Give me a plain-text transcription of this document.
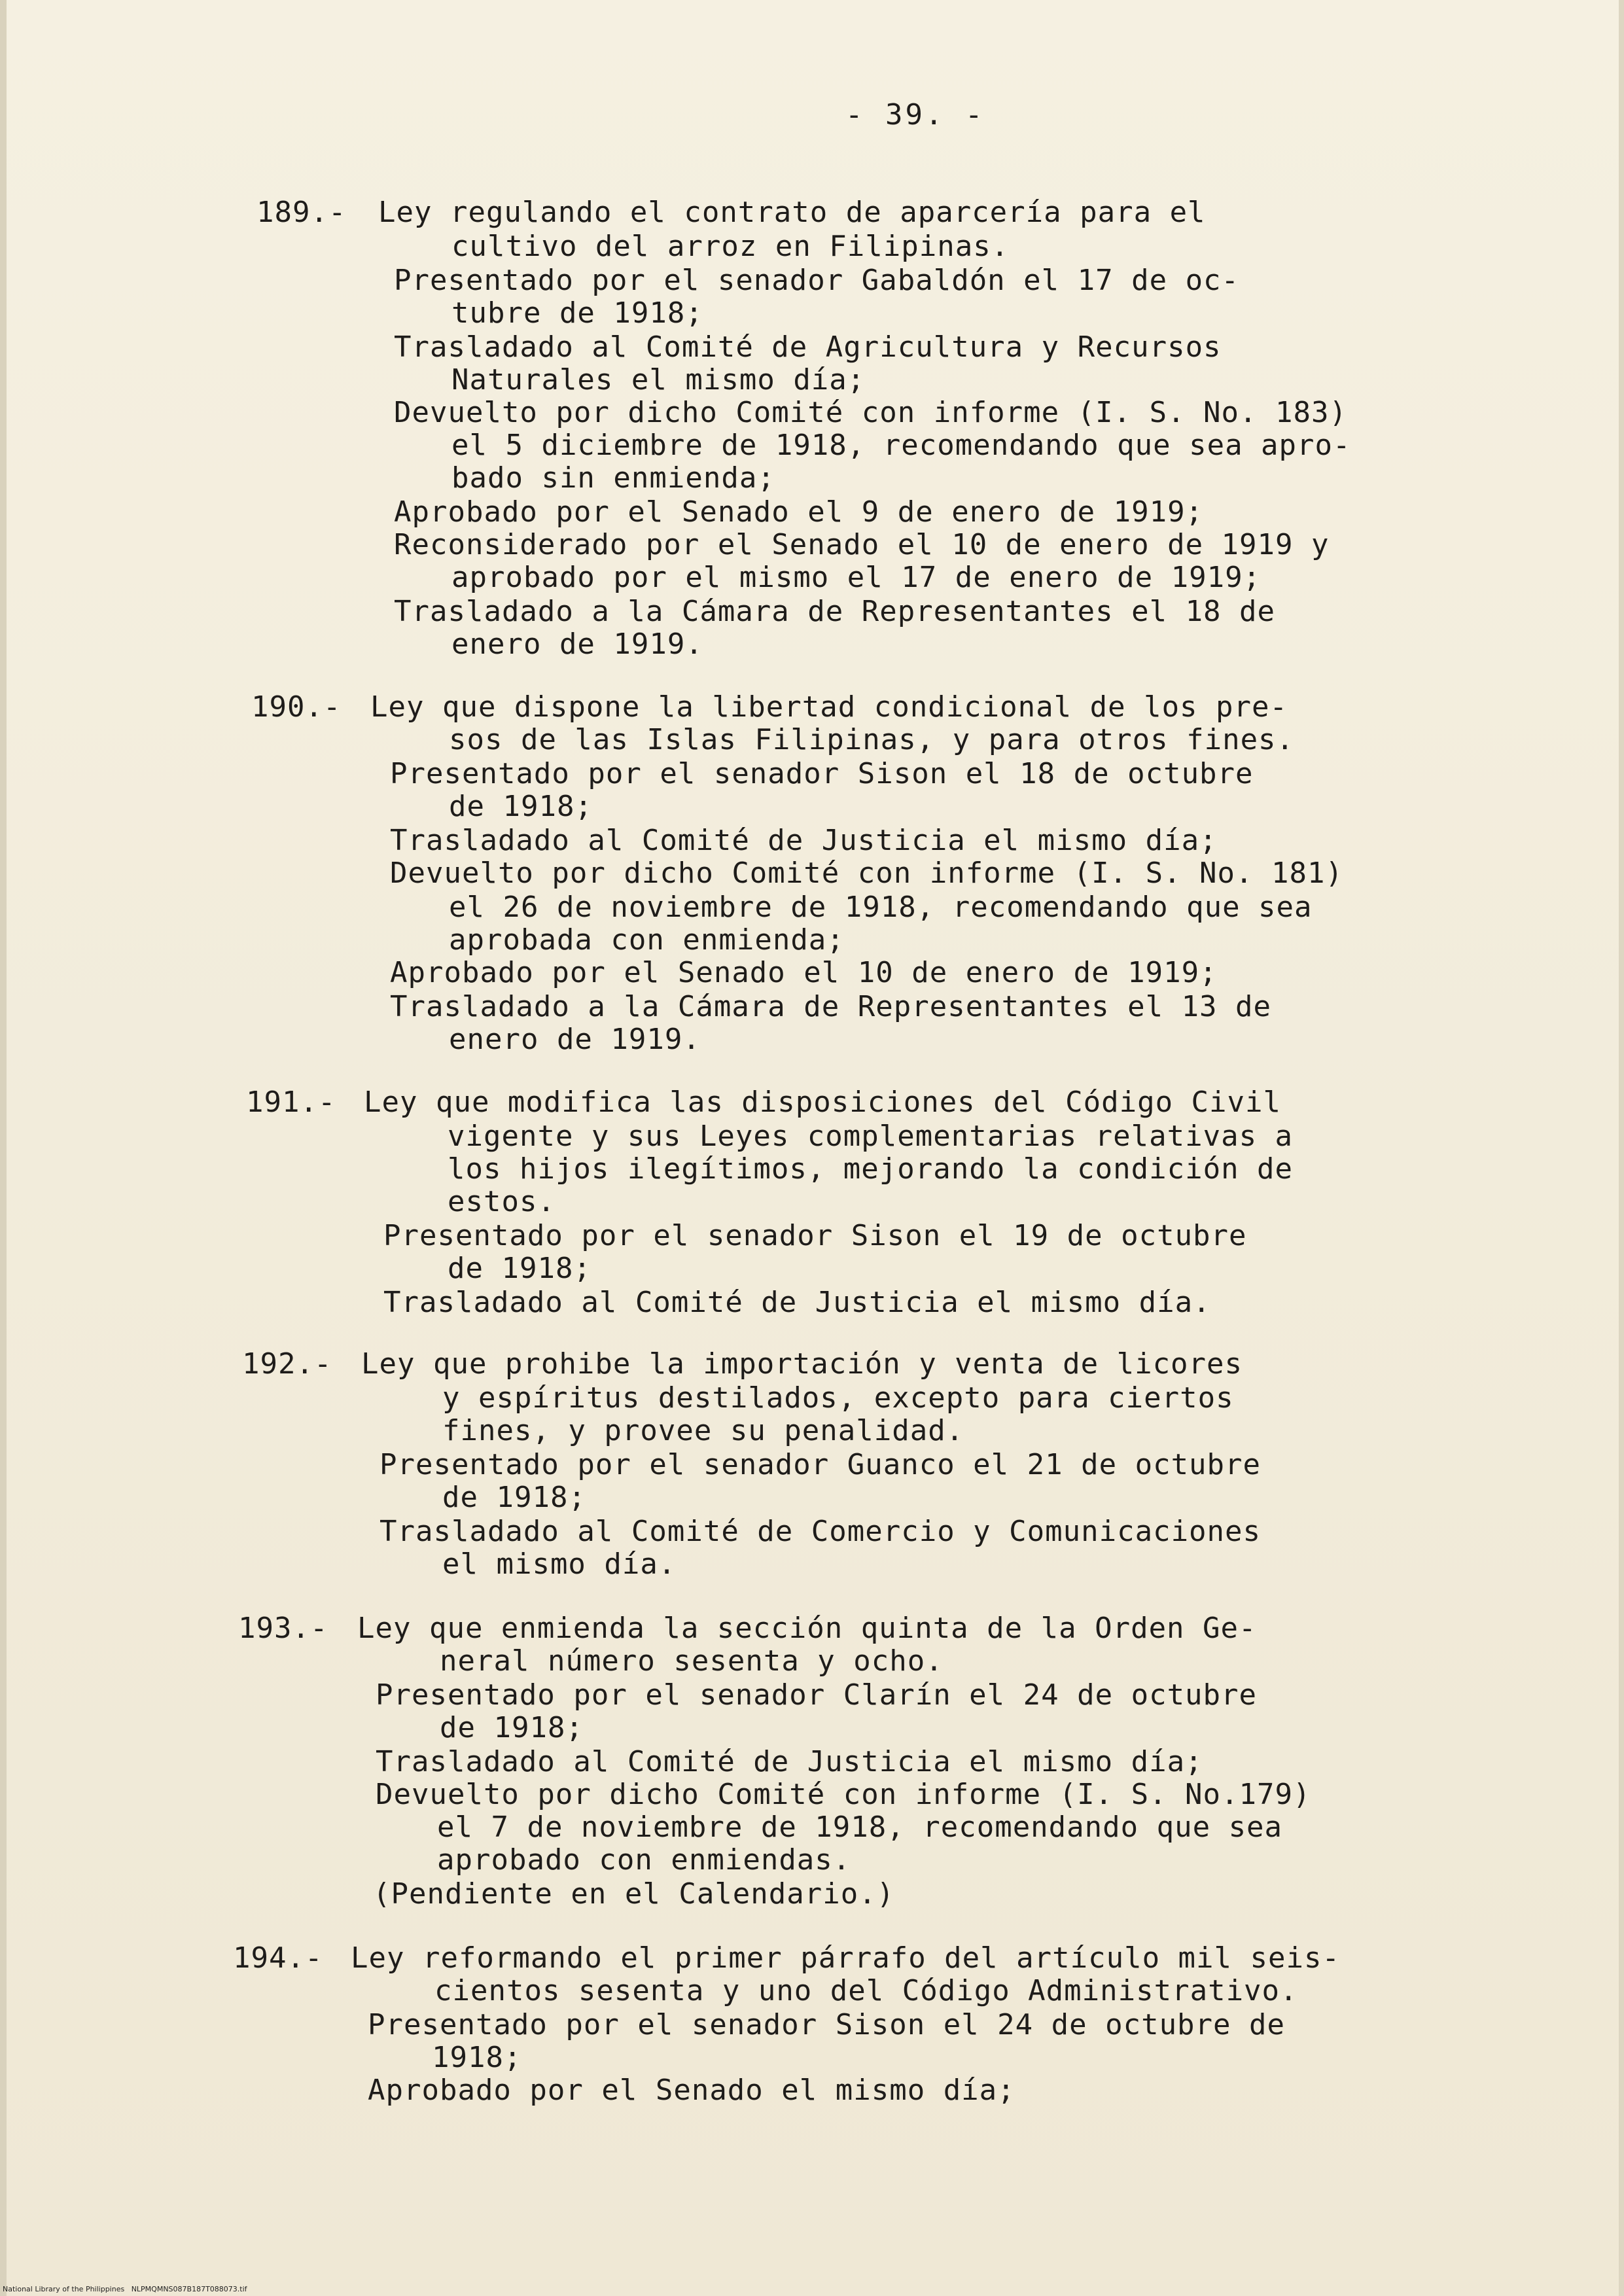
- 39. -
189.- Ley regulando el contrato de aparcería para el
cultivo del arroz en Filipinas.
Presentado por el senador Gabaldón el 17 de oc-
tubre de 1918;
Trasladado al Comité de Agricultura y Recursos
Naturales el mismo día;
Devuelto por dicho Comité con informe (I. S. No. 183)
el 5 diciembre de 1918, recomendando que sea apro-
bado sin enmienda;
Aprobado por el Senado el 9 de enero de 1919;
Reconsiderado por el Senado el 10 de enero de 1919 y
aprobado por el mismo el 17 de enero de 1919;
Trasladado a la Cámara de Representantes el 18 de
enero de 1919.
190.- Ley que dispone la libertad condicional de los pre-
sos de las Islas Filipinas, y para otros fines.
Presentado por el senador Sison el 18 de octubre
de 1918;
Trasladado al Comité de Justicia el mismo día;
Devuelto por dicho Comité con informe (I. S. No. 181)
el 26 de noviembre de 1918, recomendando que sea
aprobada con enmienda;
Aprobado por el Senado el 10 de enero de 1919;
Trasladado a la Cámara de Representantes el 13 de
enero de 1919.
191.- Ley que modifica las disposiciones del Código Civil
vigente y sus Leyes complementarias relativas a
los hijos ilegítimos, mejorando la condición de
estos.
Presentado por el senador Sison el 19 de octubre
de 1918;
Trasladado al Comité de Justicia el mismo día.
192.- Ley que prohibe la importación y venta de licores
y espíritus destilados, excepto para ciertos
fines, y provee su penalidad.
Presentado por el senador Guanco el 21 de octubre
de 1918;
Trasladado al Comité de Comercio y Comunicaciones
el mismo día.
193.- Ley que enmienda la sección quinta de la Orden Ge-
neral número sesenta y ocho.
Presentado por el senador Clarín el 24 de octubre
de 1918;
Trasladado al Comité de Justicia el mismo día;
Devuelto por dicho Comité con informe (I. S. No.179)
el 7 de noviembre de 1918, recomendando que sea
aprobado con enmiendas.
(Pendiente en el Calendario.)
194.- Ley reformando el primer párrafo del artículo mil seis-
cientos sesenta y uno del Código Administrativo.
Presentado por el senador Sison el 24 de octubre de
1918;
Aprobado por el Senado el mismo día;
National Library of the Philippines   NLPMQMNS087B187T088073.tif
